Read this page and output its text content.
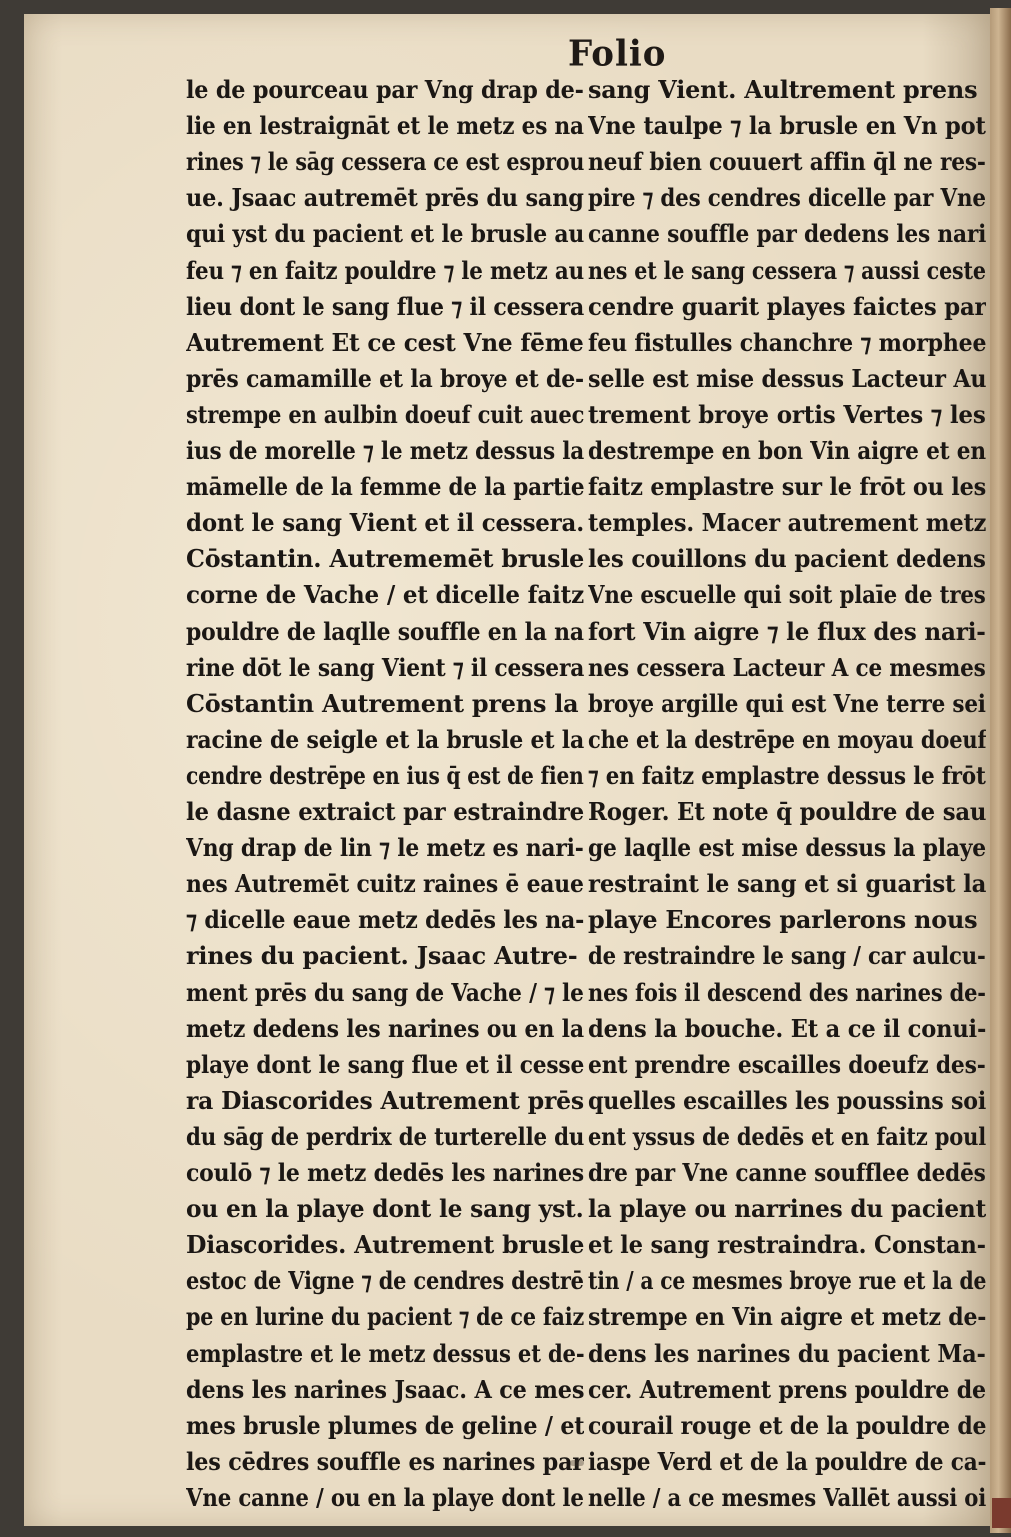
Folio
le de pourceau par Vng drap de-
lie en lestraignāt et le metz es na
rines ⁊ le sāg cessera ce est esprou
ue. Jsaac autremēt prēs du sang
qui yst du pacient et le brusle au
feu ⁊ en faitz pouldre ⁊ le metz au
lieu dont le sang flue ⁊ il cessera
Autrement Et ce cest Vne fēme
prēs camamille et la broye et de-
strempe en aulbin doeuf cuit auec
ius de morelle ⁊ le metz dessus la
māmelle de la femme de la partie
dont le sang Vient et il cessera.
Cōstantin. Autrememēt brusle
corne de Vache / et dicelle faitz
pouldre de laqlle souffle en la na
rine dōt le sang Vient ⁊ il cessera
Cōstantin Autrement prens la
racine de seigle et la brusle et la
cendre destrēpe en ius q̄ est de fien
le dasne extraict par estraindre
Vng drap de lin ⁊ le metz es nari-
nes Autremēt cuitz raines ē eaue
⁊ dicelle eaue metz dedēs les na-
rines du pacient. Jsaac Autre-
ment prēs du sang de Vache / ⁊ le
metz dedens les narines ou en la
playe dont le sang flue et il cesse
ra Diascorides Autrement prēs
du sāg de perdrix de turterelle du
coulō ⁊ le metz dedēs les narines
ou en la playe dont le sang yst.
Diascorides. Autrement brusle
estoc de Vigne ⁊ de cendres destrē
pe en lurine du pacient ⁊ de ce faiz
emplastre et le metz dessus et de-
dens les narines Jsaac. A ce mes
mes brusle plumes de geline / et
les cēdres souffle es narines par
Vne canne / ou en la playe dont le
sang Vient. Aultrement prens
Vne taulpe ⁊ la brusle en Vn pot
neuf bien couuert affin q̄l ne res-
pire ⁊ des cendres dicelle par Vne
canne souffle par dedens les nari
nes et le sang cessera ⁊ aussi ceste
cendre guarit playes faictes par
feu fistulles chanchre ⁊ morphee
selle est mise dessus Lacteur Au
trement broye ortis Vertes ⁊ les
destrempe en bon Vin aigre et en
faitz emplastre sur le frōt ou les
temples. Macer autrement metz
les couillons du pacient dedens
Vne escuelle qui soit plaīe de tres
fort Vin aigre ⁊ le flux des nari-
nes cessera Lacteur A ce mesmes
broye argille qui est Vne terre sei
che et la destrēpe en moyau doeuf
⁊ en faitz emplastre dessus le frōt
Roger. Et note q̄ pouldre de sau
ge laqlle est mise dessus la playe
restraint le sang et si guarist la
playe Encores parlerons nous
de restraindre le sang / car aulcu-
nes fois il descend des narines de-
dens la bouche. Et a ce il conui-
ent prendre escailles doeufz des-
quelles escailles les poussins soi
ent yssus de dedēs et en faitz poul
dre par Vne canne soufflee dedēs
la playe ou narrines du pacient
et le sang restraindra. Constan-
tin / a ce mesmes broye rue et la de
strempe en Vin aigre et metz de-
dens les narines du pacient Ma-
cer. Autrement prens pouldre de
courail rouge et de la pouldre de
iaspe Verd et de la pouldre de ca-
nelle / a ce mesmes Vallēt aussi oi
